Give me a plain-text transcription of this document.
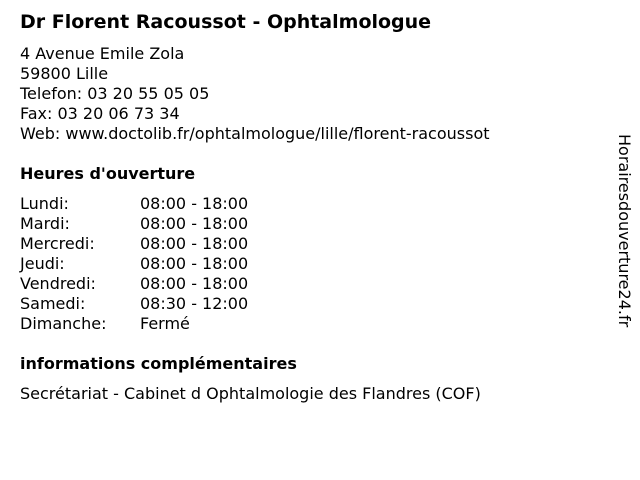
Dr Florent Racoussot - Ophtalmologue
4 Avenue Emile Zola
59800 Lille
Telefon: 03 20 55 05 05
Fax: 03 20 06 73 34
Web: www.doctolib.fr/ophtalmologue/lille/florent-racoussot
Heures d'ouverture
Lundi:	08:00 - 18:00
Mardi:	08:00 - 18:00
Mercredi:	08:00 - 18:00
Jeudi:	08:00 - 18:00
Vendredi:	08:00 - 18:00
Samedi:	08:30 - 12:00
Dimanche:	Fermé
informations complémentaires
Secrétariat - Cabinet d Ophtalmologie des Flandres (COF)
Horairesdouverture24.fr
